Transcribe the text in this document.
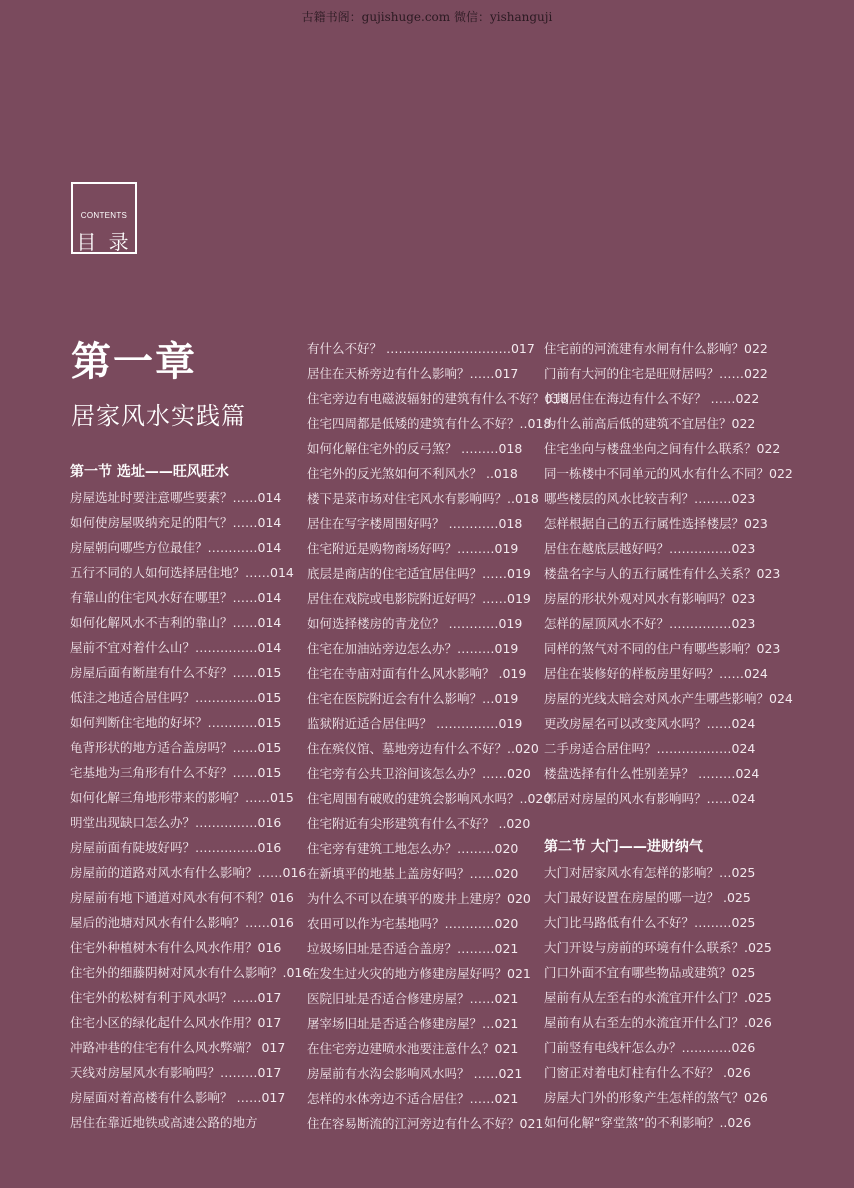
古籍书阁：gujishuge.com 微信：yishanguji
CONTENTS
目 录
第一章
居家风水实践篇
第一节 选址——旺风旺水
房屋选址时要注意哪些要素？……014
如何使房屋吸纳充足的阳气？……014
房屋朝向哪些方位最佳？…………014
五行不同的人如何选择居住地？……014
有靠山的住宅风水好在哪里？……014
如何化解风水不吉利的靠山？……014
屋前不宜对着什么山？……………014
房屋后面有断崖有什么不好？……015
低洼之地适合居住吗？……………015
如何判断住宅地的好坏？…………015
龟背形状的地方适合盖房吗？……015
宅基地为三角形有什么不好？……015
如何化解三角地形带来的影响？……015
明堂出现缺口怎么办？……………016
房屋前面有陡坡好吗？……………016
房屋前的道路对风水有什么影响？……016
房屋前有地下通道对风水有何不利？016
屋后的池塘对风水有什么影响？……016
住宅外种植树木有什么风水作用？016
住宅外的细藤阴树对风水有什么影响？.016
住宅外的松树有利于风水吗？……017
住宅小区的绿化起什么风水作用？017
冲路冲巷的住宅有什么风水弊端？ 017
天线对房屋风水有影响吗？………017
房屋面对着高楼有什么影响？ ……017
居住在靠近地铁或高速公路的地方
有什么不好？ …………………………017
居住在天桥旁边有什么影响？……017
住宅旁边有电磁波辐射的建筑有什么不好？018
住宅四周都是低矮的建筑有什么不好？..018
如何化解住宅外的反弓煞？ ………018
住宅外的反光煞如何不利风水？ ..018
楼下是菜市场对住宅风水有影响吗？..018
居住在写字楼周围好吗？ …………018
住宅附近是购物商场好吗？………019
底层是商店的住宅适宜居住吗？……019
居住在戏院或电影院附近好吗？……019
如何选择楼房的青龙位？ …………019
住宅在加油站旁边怎么办？………019
住宅在寺庙对面有什么风水影响？ .019
住宅在医院附近会有什么影响？…019
监狱附近适合居住吗？ ……………019
住在殡仪馆、墓地旁边有什么不好？..020
住宅旁有公共卫浴间该怎么办？……020
住宅周围有破败的建筑会影响风水吗？..020
住宅附近有尖形建筑有什么不好？ ..020
住宅旁有建筑工地怎么办？………020
在新填平的地基上盖房好吗？……020
为什么不可以在填平的废井上建房？020
农田可以作为宅基地吗？…………020
垃圾场旧址是否适合盖房？………021
在发生过火灾的地方修建房屋好吗？021
医院旧址是否适合修建房屋？……021
屠宰场旧址是否适合修建房屋？…021
在住宅旁边建喷水池要注意什么？021
房屋前有水沟会影响风水吗？ ……021
怎样的水体旁边不适合居住？……021
住在容易断流的江河旁边有什么不好？021
住宅前的河流建有水闸有什么影响？022
门前有大河的住宅是旺财居吗？……022
长期居住在海边有什么不好？ ……022
为什么前高后低的建筑不宜居住？022
住宅坐向与楼盘坐向之间有什么联系？022
同一栋楼中不同单元的风水有什么不同？022
哪些楼层的风水比较吉利？………023
怎样根据自己的五行属性选择楼层？023
居住在越底层越好吗？……………023
楼盘名字与人的五行属性有什么关系？023
房屋的形状外观对风水有影响吗？023
怎样的屋顶风水不好？……………023
同样的煞气对不同的住户有哪些影响？023
居住在装修好的样板房里好吗？……024
房屋的光线太暗会对风水产生哪些影响？024
更改房屋名可以改变风水吗？……024
二手房适合居住吗？………………024
楼盘选择有什么性别差异？ ………024
邻居对房屋的风水有影响吗？……024
第二节 大门——进财纳气
大门对居家风水有怎样的影响？…025
大门最好设置在房屋的哪一边？ .025
大门比马路低有什么不好？………025
大门开设与房前的环境有什么联系？.025
门口外面不宜有哪些物品或建筑？025
屋前有从左至右的水流宜开什么门？.025
屋前有从右至左的水流宜开什么门？.026
门前竖有电线杆怎么办？…………026
门窗正对着电灯柱有什么不好？ .026
房屋大门外的形象产生怎样的煞气？026
如何化解“穿堂煞”的不利影响？..026
